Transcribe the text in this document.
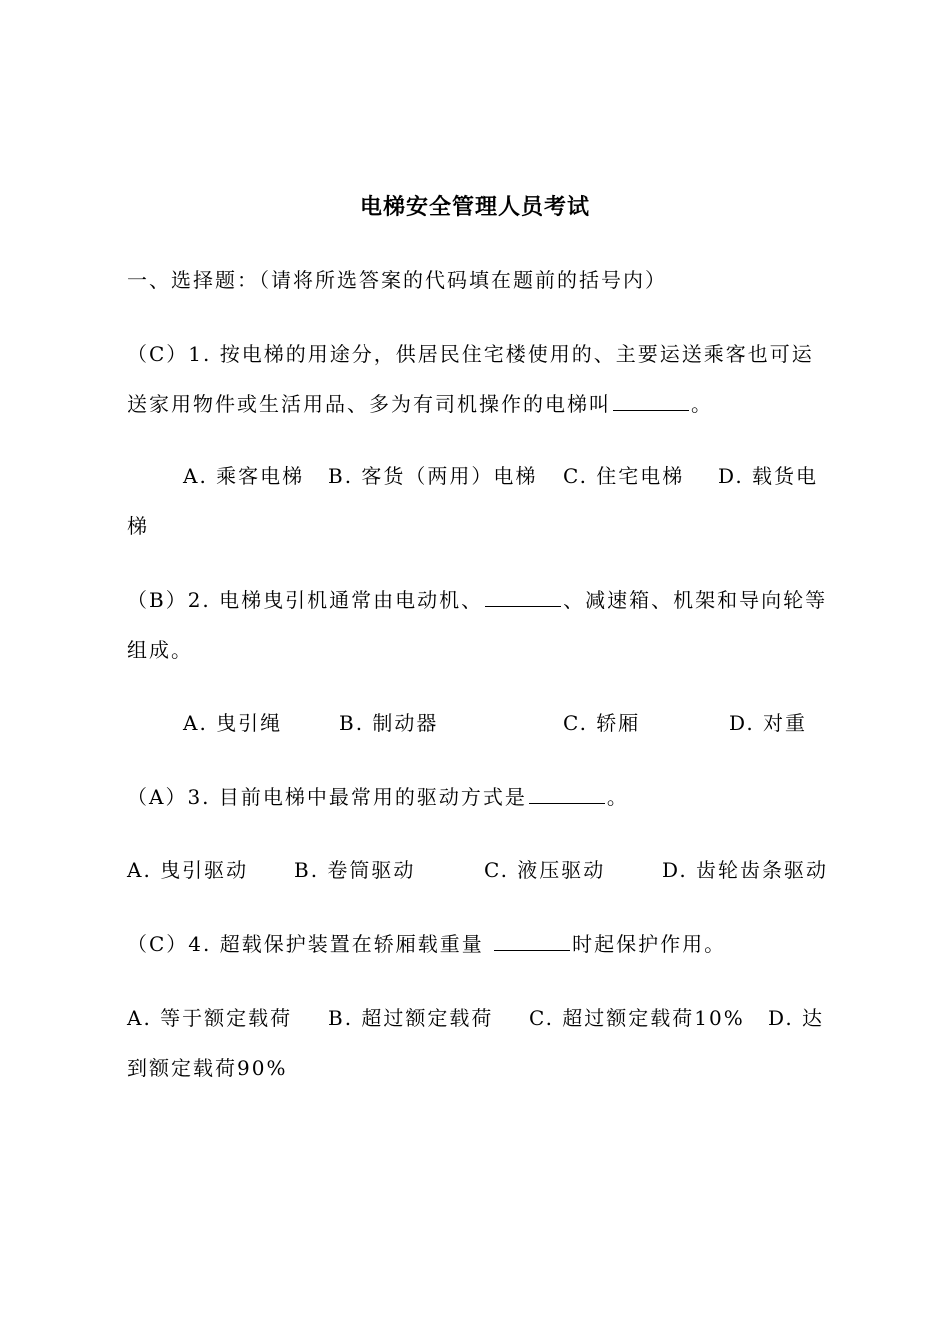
电梯安全管理人员考试
一、选择题：（请将所选答案的代码填在题前的括号内）
（C）1. 按电梯的用途分，供居民住宅楼使用的、主要运送乘客也可运
送家用物件或生活用品、多为有司机操作的电梯叫	。
A. 乘客电梯 B. 客货（两用）电梯 C. 住宅电梯 D. 载货电
梯
（B）2. 电梯曳引机通常由电动机、	、减速箱、机架和导向轮等
组成。
A. 曳引绳	B. 制动器	C. 轿厢	D. 对重
（A）3. 目前电梯中最常用的驱动方式是	。
A. 曳引驱动 B. 卷筒驱动	C. 液压驱动	D. 齿轮齿条驱动
（C）4. 超载保护装置在轿厢载重量	时起保护作用。
A. 等于额定载荷 B. 超过额定载荷 C. 超过额定载荷10% D. 达
到额定载荷90%
